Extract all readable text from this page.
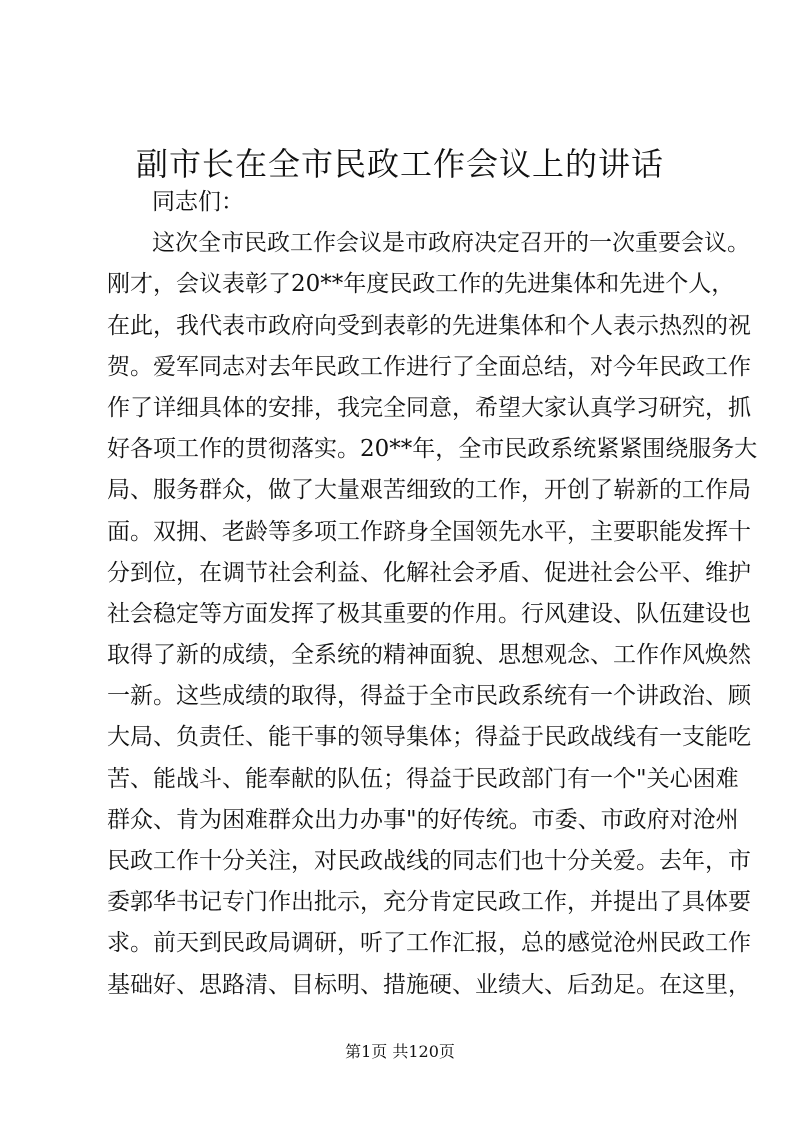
副市长在全市民政工作会议上的讲话
同志们：
这次全市民政工作会议是市政府决定召开的一次重要会议。
刚才，会议表彰了20**年度民政工作的先进集体和先进个人，
在此，我代表市政府向受到表彰的先进集体和个人表示热烈的祝
贺。爱军同志对去年民政工作进行了全面总结，对今年民政工作
作了详细具体的安排，我完全同意，希望大家认真学习研究，抓
好各项工作的贯彻落实。20**年，全市民政系统紧紧围绕服务大
局、服务群众，做了大量艰苦细致的工作，开创了崭新的工作局
面。双拥、老龄等多项工作跻身全国领先水平，主要职能发挥十
分到位，在调节社会利益、化解社会矛盾、促进社会公平、维护
社会稳定等方面发挥了极其重要的作用。行风建设、队伍建设也
取得了新的成绩，全系统的精神面貌、思想观念、工作作风焕然
一新。这些成绩的取得，得益于全市民政系统有一个讲政治、顾
大局、负责任、能干事的领导集体；得益于民政战线有一支能吃
苦、能战斗、能奉献的队伍；得益于民政部门有一个"关心困难
群众、肯为困难群众出力办事"的好传统。市委、市政府对沧州
民政工作十分关注，对民政战线的同志们也十分关爱。去年，市
委郭华书记专门作出批示，充分肯定民政工作，并提出了具体要
求。前天到民政局调研，听了工作汇报，总的感觉沧州民政工作
基础好、思路清、目标明、措施硬、业绩大、后劲足。在这里，
第1页 共120页
